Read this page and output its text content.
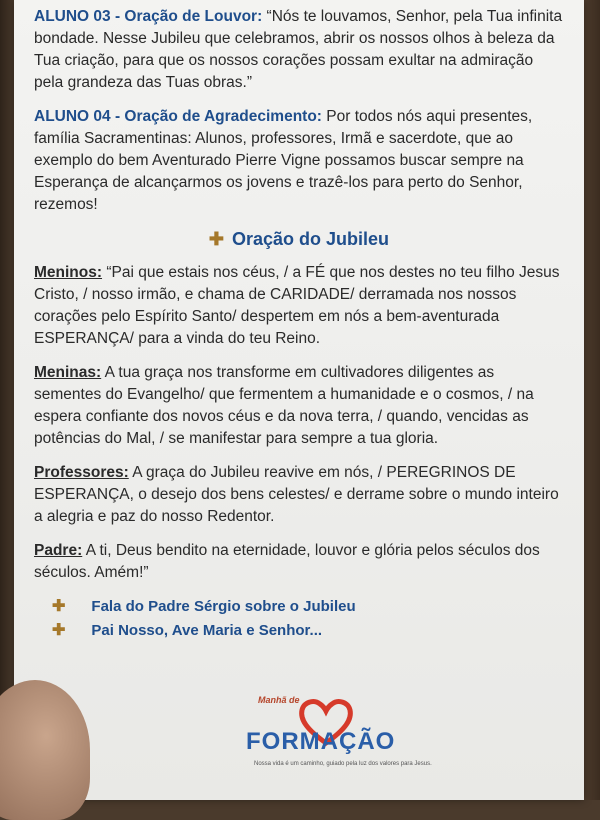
ALUNO 03 - Oração de Louvor: “Nós te louvamos, Senhor, pela Tua infinita bondade. Nesse Jubileu que celebramos, abrir os nossos olhos à beleza da Tua criação, para que os nossos corações possam exultar na admiração pela grandeza das Tuas obras.”

ALUNO 04 - Oração de Agradecimento: Por todos nós aqui presentes, família Sacramentinas: Alunos, professores, Irmã e sacerdote, que ao exemplo do bem Aventurado Pierre Vigne possamos buscar sempre na Esperança de alcançarmos os jovens e trazê-los para perto do Senhor, rezemos!

✚ Oração do Jubileu

Meninos: “Pai que estais nos céus, / a FÉ que nos destes no teu filho Jesus Cristo, / nosso irmão, e chama de CARIDADE/ derramada nos nossos corações pelo Espírito Santo/ despertem em nós a bem-aventurada ESPERANÇA/ para a vinda do teu Reino.

Meninas: A tua graça nos transforme em cultivadores diligentes as sementes do Evangelho/ que fermentem a humanidade e o cosmos, / na espera confiante dos novos céus e da nova terra, / quando, vencidas as potências do Mal, / se manifestar para sempre a tua gloria.

Professores: A graça do Jubileu reavive em nós, / PEREGRINOS DE ESPERANÇA, o desejo dos bens celestes/ e derrame sobre o mundo inteiro a alegria e paz do nosso Redentor.

Padre: A ti, Deus bendito na eternidade, louvor e glória pelos séculos dos séculos. Amém!”

✚ Fala do Padre Sérgio sobre o Jubileu
✚ Pai Nosso, Ave Maria e Senhor...
Manhã de
FORMAÇÃO
Nossa vida é um caminho, guiado pela luz dos valores para Jesus.
